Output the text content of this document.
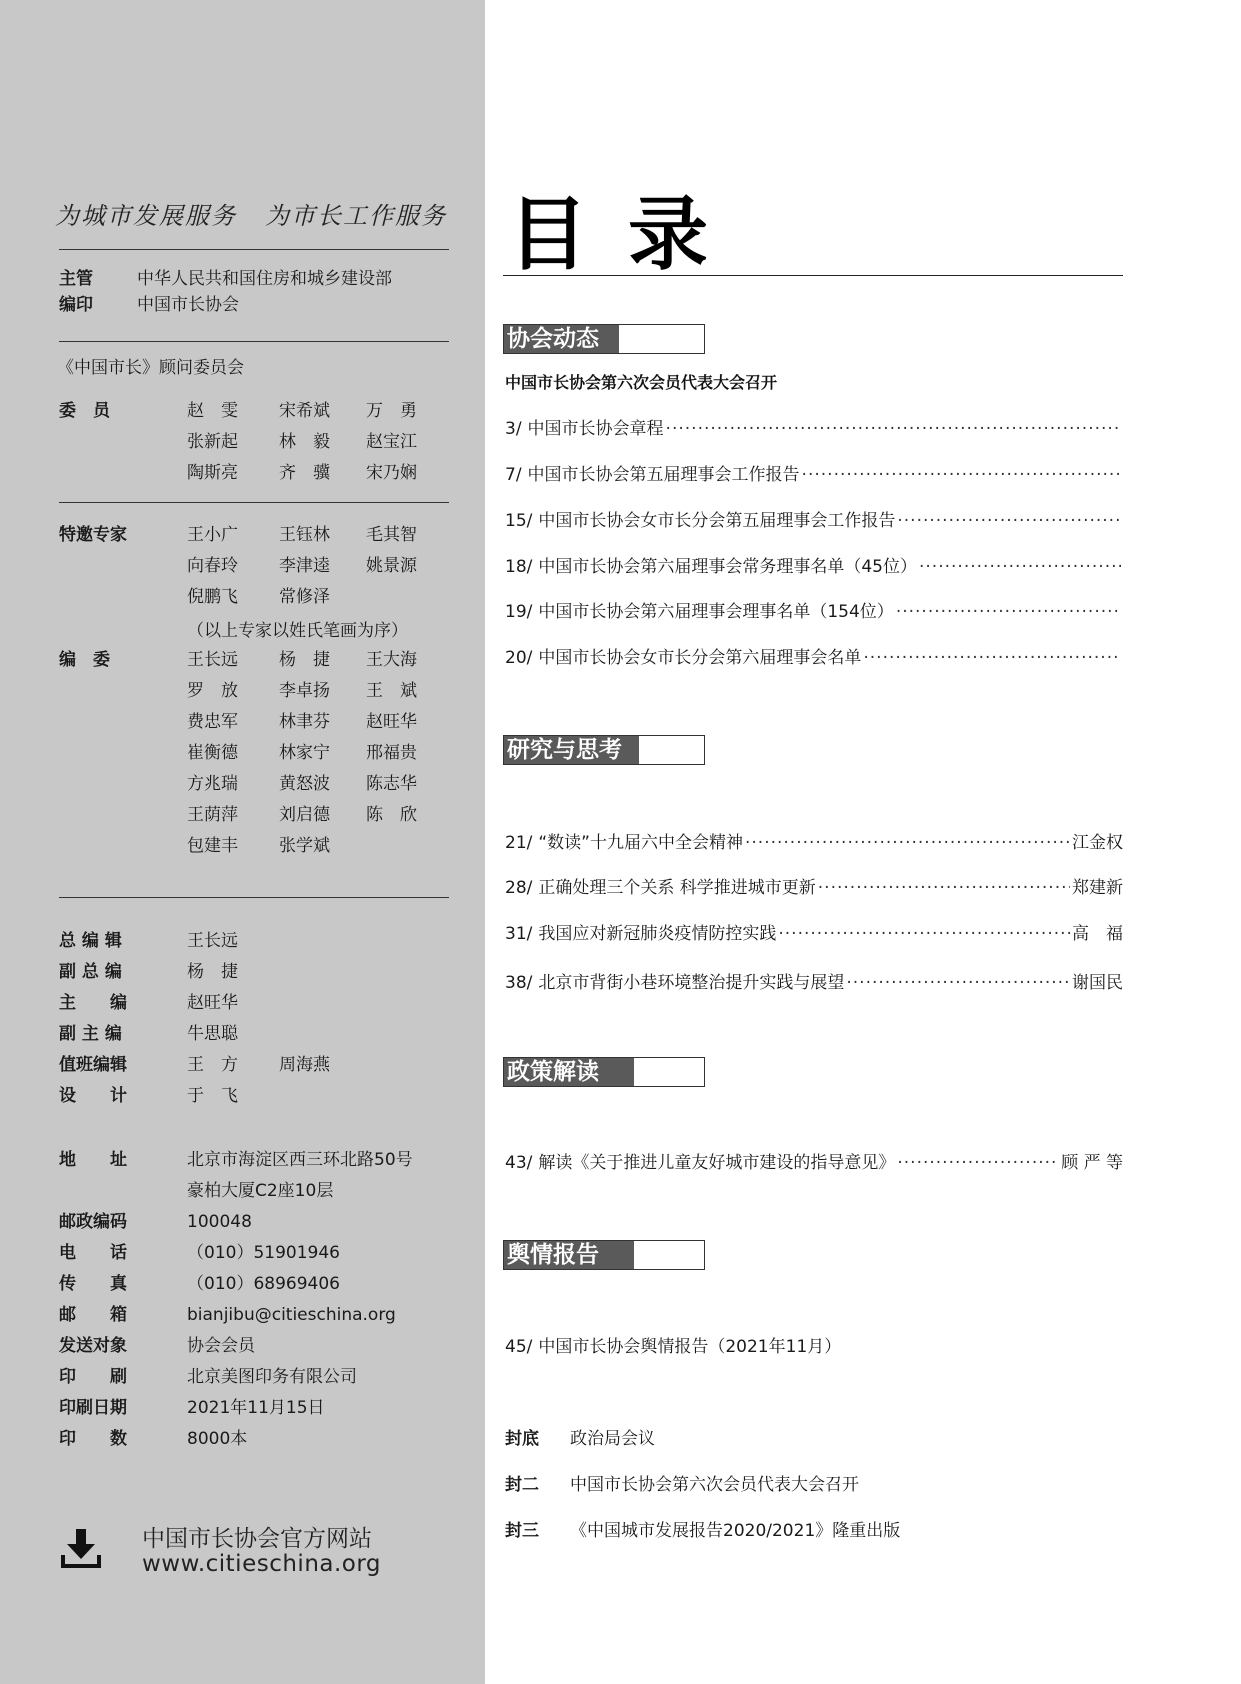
为城市发展服务 为市长工作服务
主管	中华人民共和国住房和城乡建设部
编印	中国市长协会
《中国市长》顾问委员会
委　员	赵　雯 宋希斌 万　勇
张新起 林　毅 赵宝江
陶斯亮 齐　骥 宋乃娴
特邀专家	王小广 王钰林 毛其智
向春玲 李津逵 姚景源
倪鹏飞 常修泽
（以上专家以姓氏笔画为序）
编　委	王长远 杨　捷 王大海
罗　放 李卓扬 王　斌
费忠军 林聿芬 赵旺华
崔衡德 林家宁 邢福贵
方兆瑞 黄怒波 陈志华
王荫萍 刘启德 陈　欣
包建丰 张学斌
总 编 辑	王长远
副 总 编	杨　捷
主　　编	赵旺华
副 主 编	牛思聪
值班编辑	王　方 周海燕
设　　计	于　飞
地　　址	北京市海淀区西三环北路50号
豪柏大厦C2座10层
邮政编码	100048
电　　话	（010）51901946
传　　真	（010）68969406
邮　　箱	bianjibu@citieschina.org
发送对象	协会会员
印　　刷	北京美图印务有限公司
印刷日期	2021年11月15日
印　　数	8000本
中国市长协会官方网站
www.citieschina.org
目录
协会动态
中国市长协会第六次会员代表大会召开
3/ 中国市长协会章程
·····
7/ 中国市长协会第五届理事会工作报告
·····
15/ 中国市长协会女市长分会第五届理事会工作报告
·····
18/ 中国市长协会第六届理事会常务理事名单（45位）
·····
19/ 中国市长协会第六届理事会理事名单（154位）
·····
20/ 中国市长协会女市长分会第六届理事会名单
·····
研究与思考
21/ “数读”十九届六中全会精神 ·····	江金权
28/ 正确处理三个关系 科学推进城市更新 ·····	郑建新
31/ 我国应对新冠肺炎疫情防控实践 ·····	高　福
38/ 北京市背街小巷环境整治提升实践与展望 ·····	谢国民
政策解读
43/ 解读《关于推进儿童友好城市建设的指导意见》 ·····	顾 严 等
舆情报告
45/ 中国市长协会舆情报告（2021年11月）
封底 政治局会议
封二 中国市长协会第六次会员代表大会召开
封三 《中国城市发展报告2020/2021》隆重出版
